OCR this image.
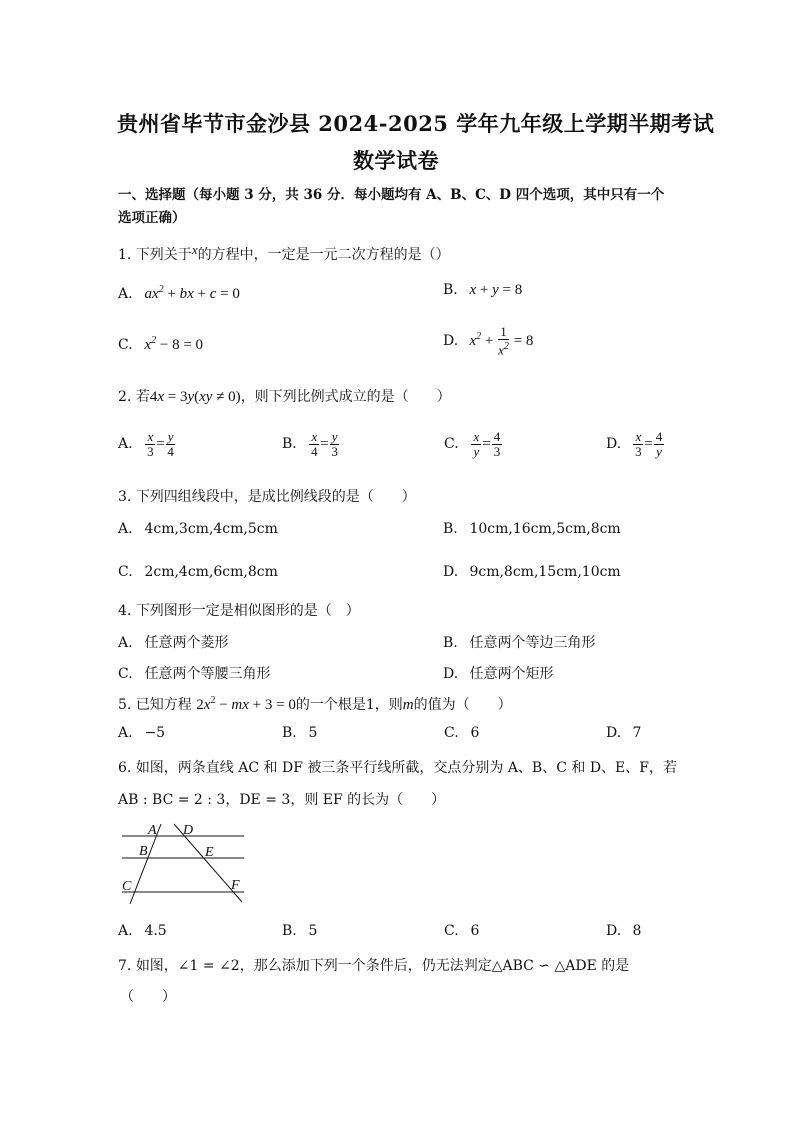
贵州省毕节市金沙县 2024-2025 学年九年级上学期半期考试
数学试卷
一、选择题（每小题 3 分，共 36 分．每小题均有 A、B、C、D 四个选项，其中只有一个
选项正确）
1. 下列关于x的方程中，一定是一元二次方程的是（）
A. $ax^2$ + bx + c = 0	B. x + y = 8
C. $x^2 - 8 = 0$	D. $x^2 + \frac{1}{x^2} = 8$
2. 若4x = 3y(xy ≠ 0)，则下列比例式成立的是（　　）
A. $\frac{x}{3} = \frac{y}{4}$	B. $\frac{x}{4} = \frac{y}{3}$	C. $\frac{x}{y} = \frac{4}{3}$	D. $\frac{x}{3} = \frac{4}{y}$
3. 下列四组线段中，是成比例线段的是（　　）
A. 4cm,3cm,4cm,5cm	B. 10cm,16cm,5cm,8cm
C. 2cm,4cm,6cm,8cm	D. 9cm,8cm,15cm,10cm
4. 下列图形一定是相似图形的是（　）
A. 任意两个菱形	B. 任意两个等边三角形
C. 任意两个等腰三角形	D. 任意两个矩形
5. 已知方程 $2x^2$ − mx + 3 = 0的一个根是1，则m的值为（　　）
A. −5	B. 5	C. 6	D. 7
6. 如图，两条直线 AC 和 DF 被三条平行线所截，交点分别为 A、B、C 和 D、E、F，若
AB : BC = 2 : 3，DE = 3，则 EF 的长为（　　）
A D
B	E
C	F
A. 4.5	B. 5	C. 6	D. 8
7. 如图，∠1 = ∠2，那么添加下列一个条件后，仍无法判定△ABC ∽ △ADE 的是
（　　）
